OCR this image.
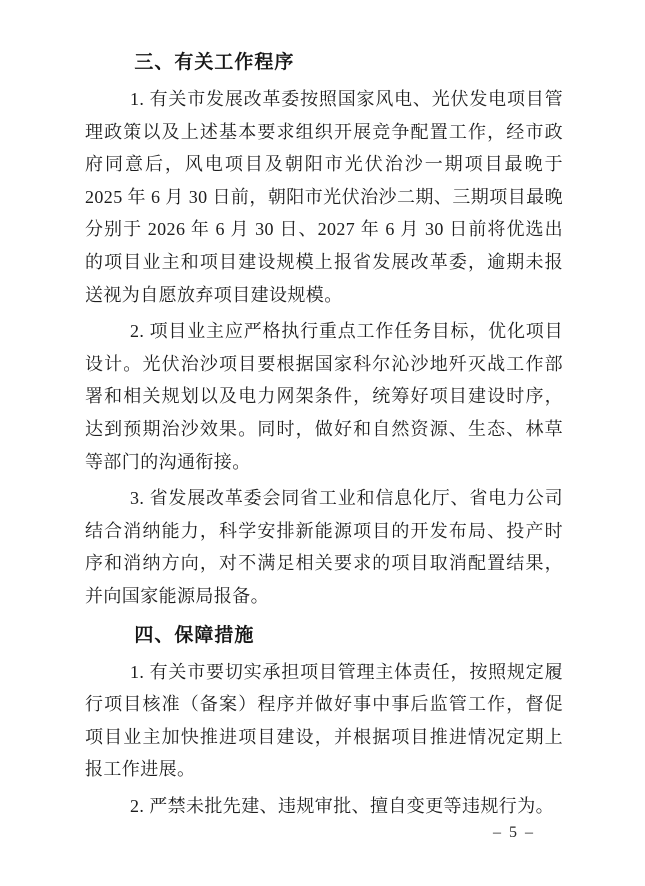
三、有关工作程序

1. 有关市发展改革委按照国家风电、光伏发电项目管理政策以及上述基本要求组织开展竞争配置工作，经市政府同意后，风电项目及朝阳市光伏治沙一期项目最晚于 2025 年 6 月 30 日前，朝阳市光伏治沙二期、三期项目最晚分别于 2026 年 6 月 30 日、2027 年 6 月 30 日前将优选出的项目业主和项目建设规模上报省发展改革委，逾期未报送视为自愿放弃项目建设规模。

2. 项目业主应严格执行重点工作任务目标，优化项目设计。光伏治沙项目要根据国家科尔沁沙地歼灭战工作部署和相关规划以及电力网架条件，统筹好项目建设时序，达到预期治沙效果。同时，做好和自然资源、生态、林草等部门的沟通衔接。

3. 省发展改革委会同省工业和信息化厅、省电力公司结合消纳能力，科学安排新能源项目的开发布局、投产时序和消纳方向，对不满足相关要求的项目取消配置结果，并向国家能源局报备。

四、保障措施

1. 有关市要切实承担项目管理主体责任，按照规定履行项目核准（备案）程序并做好事中事后监管工作，督促项目业主加快推进项目建设，并根据项目推进情况定期上报工作进展。

2. 严禁未批先建、违规审批、擅自变更等违规行为。

– 5 –
